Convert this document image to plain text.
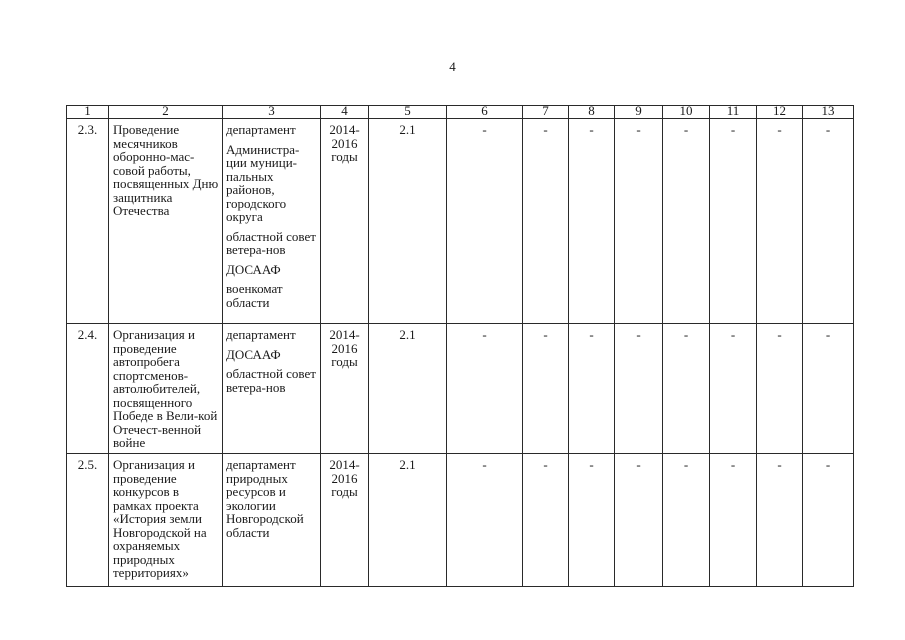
4
1	2	3	4	5	6	7	8	9	10	11	12	13
2.3.	Проведение месячников оборонно-мас-совой работы, посвященных Дню защитника Отечества	департамент
Администра-ции муници-пальных районов, городского округа
областной совет ветера-нов
ДОСААФ
военкомат области	2014-2016 годы	2.1	-	-	-	-	-	-	-	-
2.4.	Организация и проведение автопробега спортсменов-автолюбителей, посвященного Победе в Вели-кой Отечест-венной войне	департамент
ДОСААФ
областной совет ветера-нов	2014-2016 годы	2.1	-	-	-	-	-	-	-	-
2.5.	Организация и проведение конкурсов в рамках проекта «История земли Новгородской на охраняемых природных территориях»	департамент природных ресурсов и экологии Новгородской области	2014-2016 годы	2.1	-	-	-	-	-	-	-	-
